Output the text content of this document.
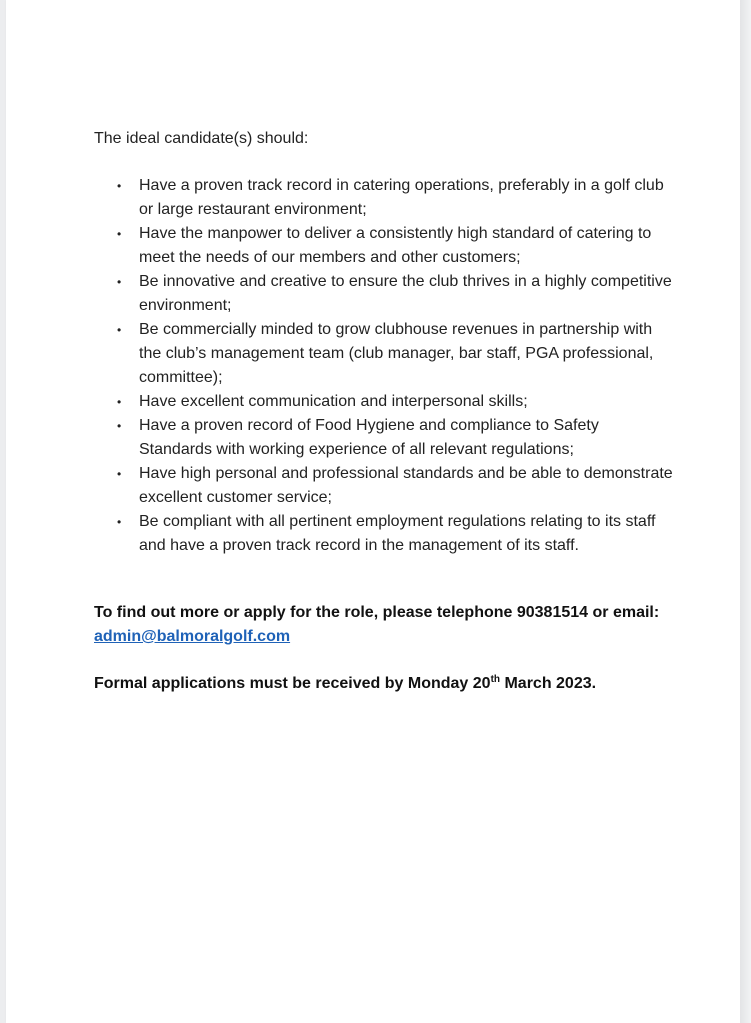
The ideal candidate(s) should:

• Have a proven track record in catering operations, preferably in a golf club or large restaurant environment;
• Have the manpower to deliver a consistently high standard of catering to meet the needs of our members and other customers;
• Be innovative and creative to ensure the club thrives in a highly competitive environment;
• Be commercially minded to grow clubhouse revenues in partnership with the club’s management team (club manager, bar staff, PGA professional, committee);
• Have excellent communication and interpersonal skills;
• Have a proven record of Food Hygiene and compliance to Safety Standards with working experience of all relevant regulations;
• Have high personal and professional standards and be able to demonstrate excellent customer service;
• Be compliant with all pertinent employment regulations relating to its staff and have a proven track record in the management of its staff.

To find out more or apply for the role, please telephone 90381514 or email: admin@balmoralgolf.com

Formal applications must be received by Monday 20th March 2023.
